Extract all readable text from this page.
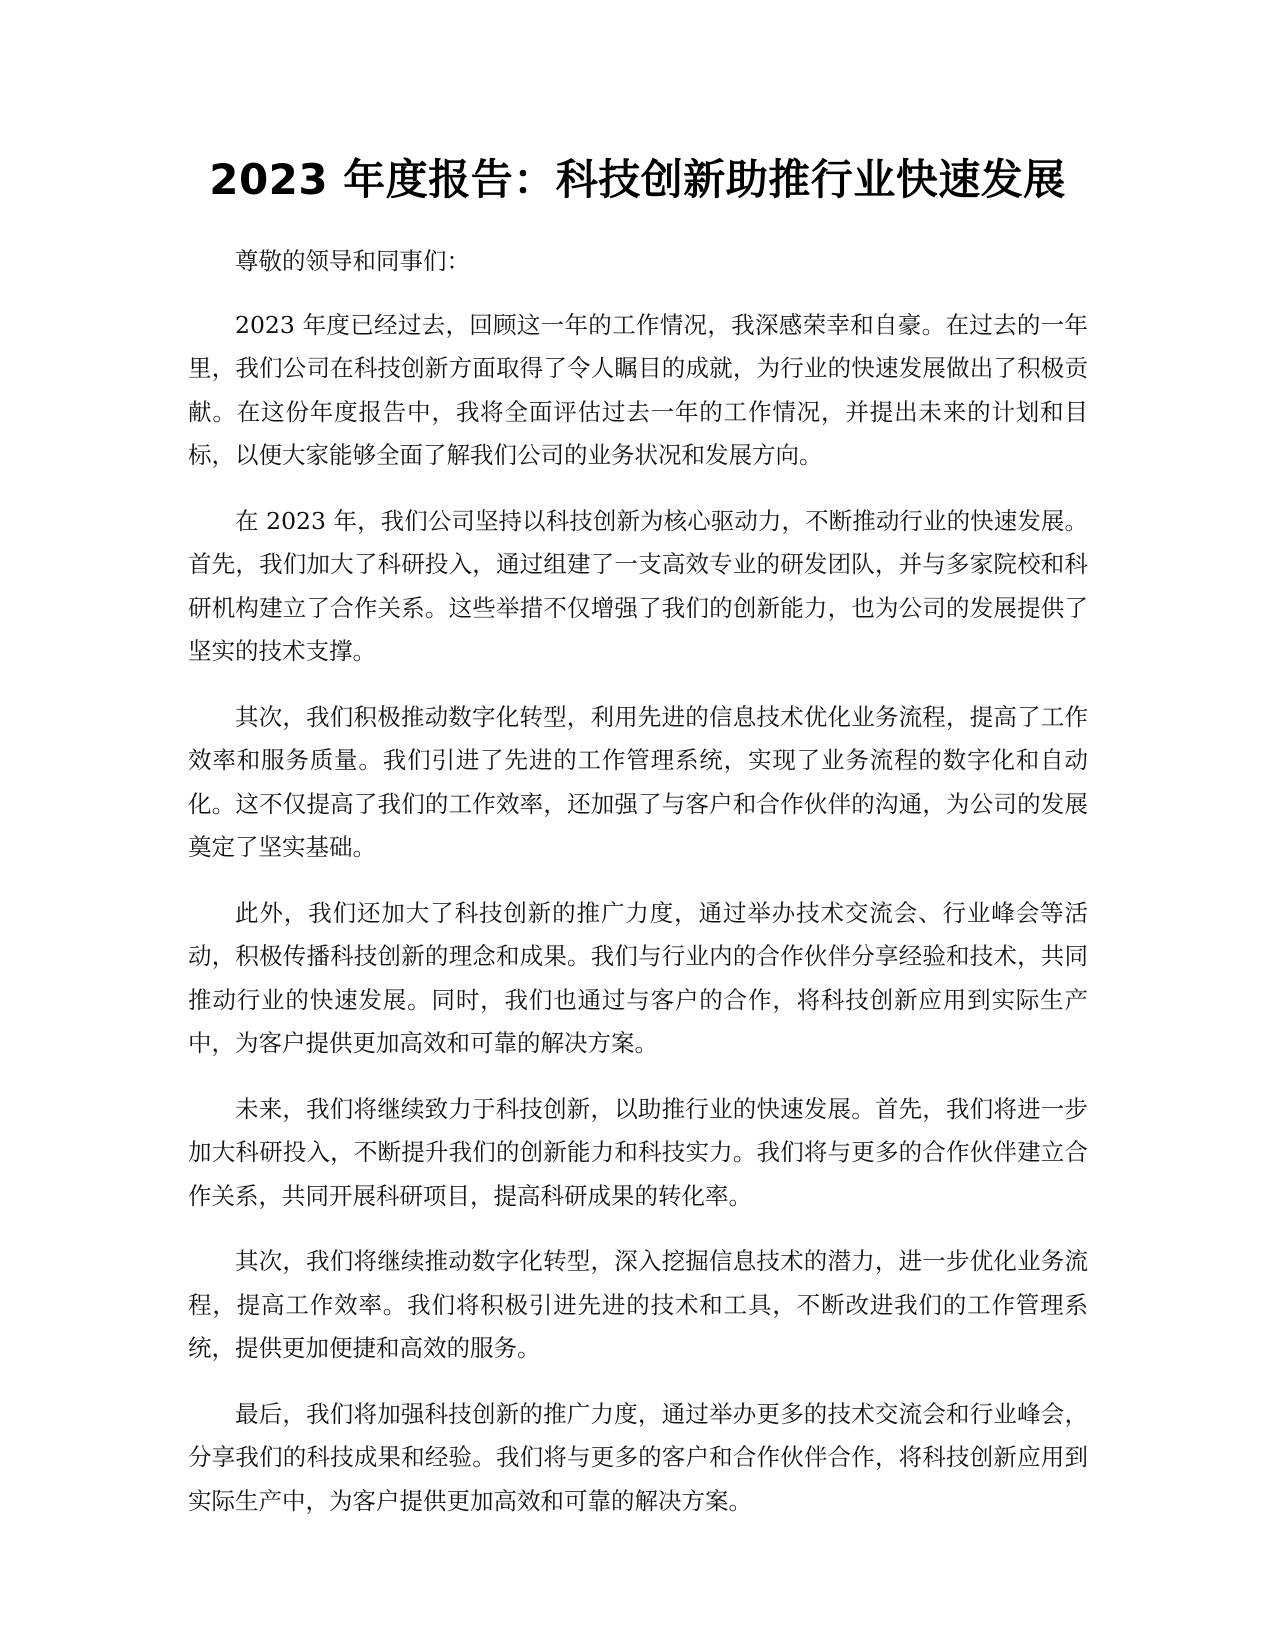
2023 年度报告：科技创新助推行业快速发展

尊敬的领导和同事们：

2023 年度已经过去，回顾这一年的工作情况，我深感荣幸和自豪。在过去的一年里，我们公司在科技创新方面取得了令人瞩目的成就，为行业的快速发展做出了积极贡献。在这份年度报告中，我将全面评估过去一年的工作情况，并提出未来的计划和目标，以便大家能够全面了解我们公司的业务状况和发展方向。

在 2023 年，我们公司坚持以科技创新为核心驱动力，不断推动行业的快速发展。首先，我们加大了科研投入，通过组建了一支高效专业的研发团队，并与多家院校和科研机构建立了合作关系。这些举措不仅增强了我们的创新能力，也为公司的发展提供了坚实的技术支撑。

其次，我们积极推动数字化转型，利用先进的信息技术优化业务流程，提高了工作效率和服务质量。我们引进了先进的工作管理系统，实现了业务流程的数字化和自动化。这不仅提高了我们的工作效率，还加强了与客户和合作伙伴的沟通，为公司的发展奠定了坚实基础。

此外，我们还加大了科技创新的推广力度，通过举办技术交流会、行业峰会等活动，积极传播科技创新的理念和成果。我们与行业内的合作伙伴分享经验和技术，共同推动行业的快速发展。同时，我们也通过与客户的合作，将科技创新应用到实际生产中，为客户提供更加高效和可靠的解决方案。

未来，我们将继续致力于科技创新，以助推行业的快速发展。首先，我们将进一步加大科研投入，不断提升我们的创新能力和科技实力。我们将与更多的合作伙伴建立合作关系，共同开展科研项目，提高科研成果的转化率。

其次，我们将继续推动数字化转型，深入挖掘信息技术的潜力，进一步优化业务流程，提高工作效率。我们将积极引进先进的技术和工具，不断改进我们的工作管理系统，提供更加便捷和高效的服务。

最后，我们将加强科技创新的推广力度，通过举办更多的技术交流会和行业峰会，分享我们的科技成果和经验。我们将与更多的客户和合作伙伴合作，将科技创新应用到实际生产中，为客户提供更加高效和可靠的解决方案。
